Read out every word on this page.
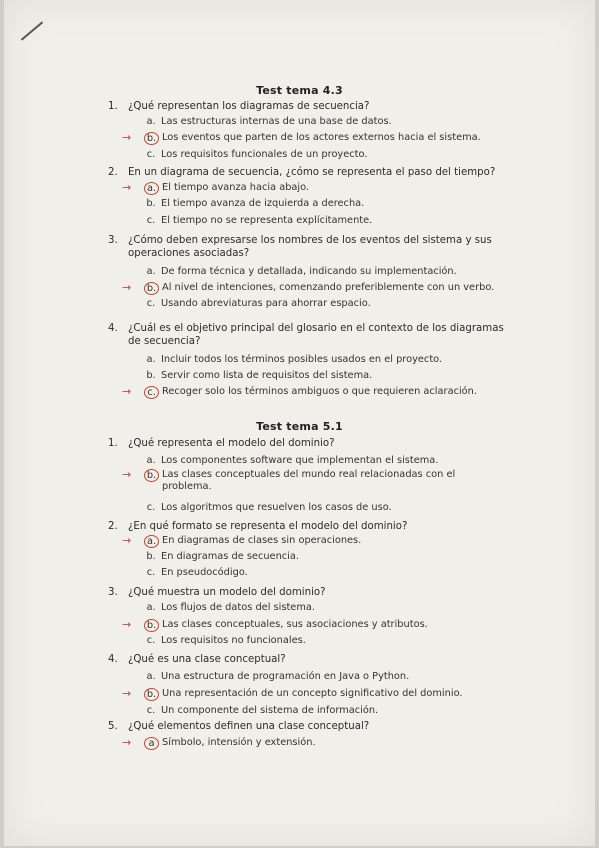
Test tema 4.3
1. ¿Qué representan los diagramas de secuencia?
a. Las estructuras internas de una base de datos.
b. Los eventos que parten de los actores externos hacia el sistema.
→
c. Los requisitos funcionales de un proyecto.
2. En un diagrama de secuencia, ¿cómo se representa el paso del tiempo?
a. El tiempo avanza hacia abajo.
→
b. El tiempo avanza de izquierda a derecha.
c. El tiempo no se representa explícitamente.
3. ¿Cómo deben expresarse los nombres de los eventos del sistema y sus
operaciones asociadas?
a. De forma técnica y detallada, indicando su implementación.
b. Al nivel de intenciones, comenzando preferiblemente con un verbo.
→
c. Usando abreviaturas para ahorrar espacio.
4. ¿Cuál es el objetivo principal del glosario en el contexto de los diagramas
de secuencia?
a. Incluir todos los términos posibles usados en el proyecto.
b. Servir como lista de requisitos del sistema.
c. Recoger solo los términos ambiguos o que requieren aclaración.
→
Test tema 5.1
1. ¿Qué representa el modelo del dominio?
a. Los componentes software que implementan el sistema.
b. Las clases conceptuales del mundo real relacionadas con el
problema.
→
c. Los algoritmos que resuelven los casos de uso.
2. ¿En qué formato se representa el modelo del dominio?
a. En diagramas de clases sin operaciones.
→
b. En diagramas de secuencia.
c. En pseudocódigo.
3. ¿Qué muestra un modelo del dominio?
a. Los flujos de datos del sistema.
b. Las clases conceptuales, sus asociaciones y atributos.
→
c. Los requisitos no funcionales.
4. ¿Qué es una clase conceptual?
a. Una estructura de programación en Java o Python.
b. Una representación de un concepto significativo del dominio.
→
c. Un componente del sistema de información.
5. ¿Qué elementos definen una clase conceptual?
a Símbolo, intensión y extensión.
→
